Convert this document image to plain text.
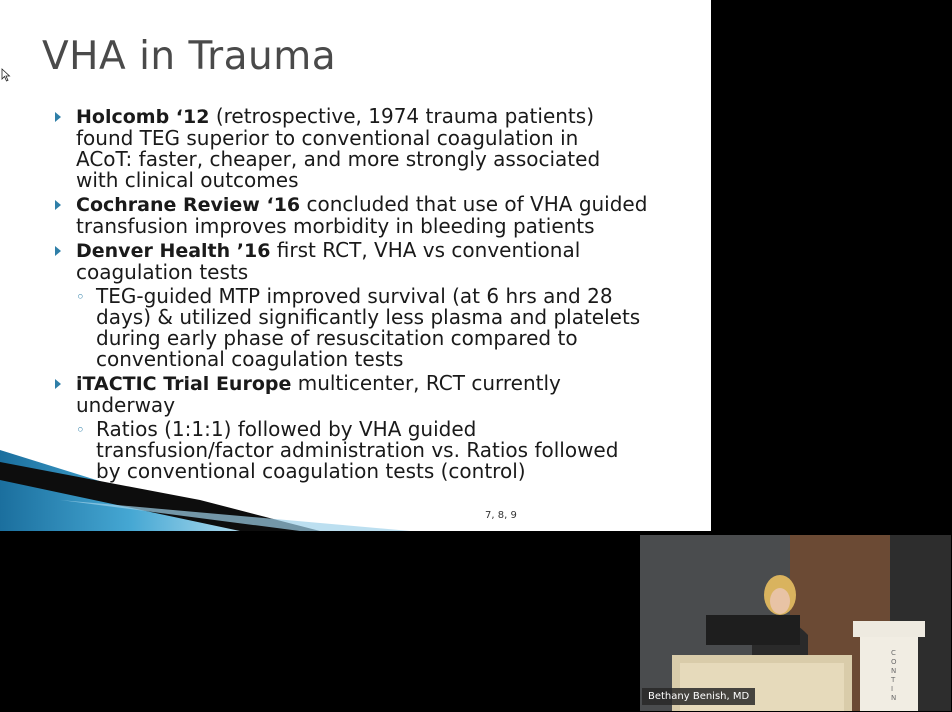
VHA in Trauma
Holcomb ‘12 (retrospective, 1974 trauma patients)
found TEG superior to conventional coagulation in
ACoT: faster, cheaper, and more strongly associated
with clinical outcomes
Cochrane Review ‘16 concluded that use of VHA guided
transfusion improves morbidity in bleeding patients
Denver Health ’16 first RCT, VHA vs conventional
coagulation tests
◦ TEG-guided MTP improved survival (at 6 hrs and 28
days) & utilized significantly less plasma and platelets
during early phase of resuscitation compared to
conventional coagulation tests
iTACTIC Trial Europe multicenter, RCT currently
underway
◦ Ratios (1:1:1) followed by VHA guided
transfusion/factor administration vs. Ratios followed
by conventional coagulation tests (control)
7, 8, 9
C O N T I N
Bethany Benish, MD
